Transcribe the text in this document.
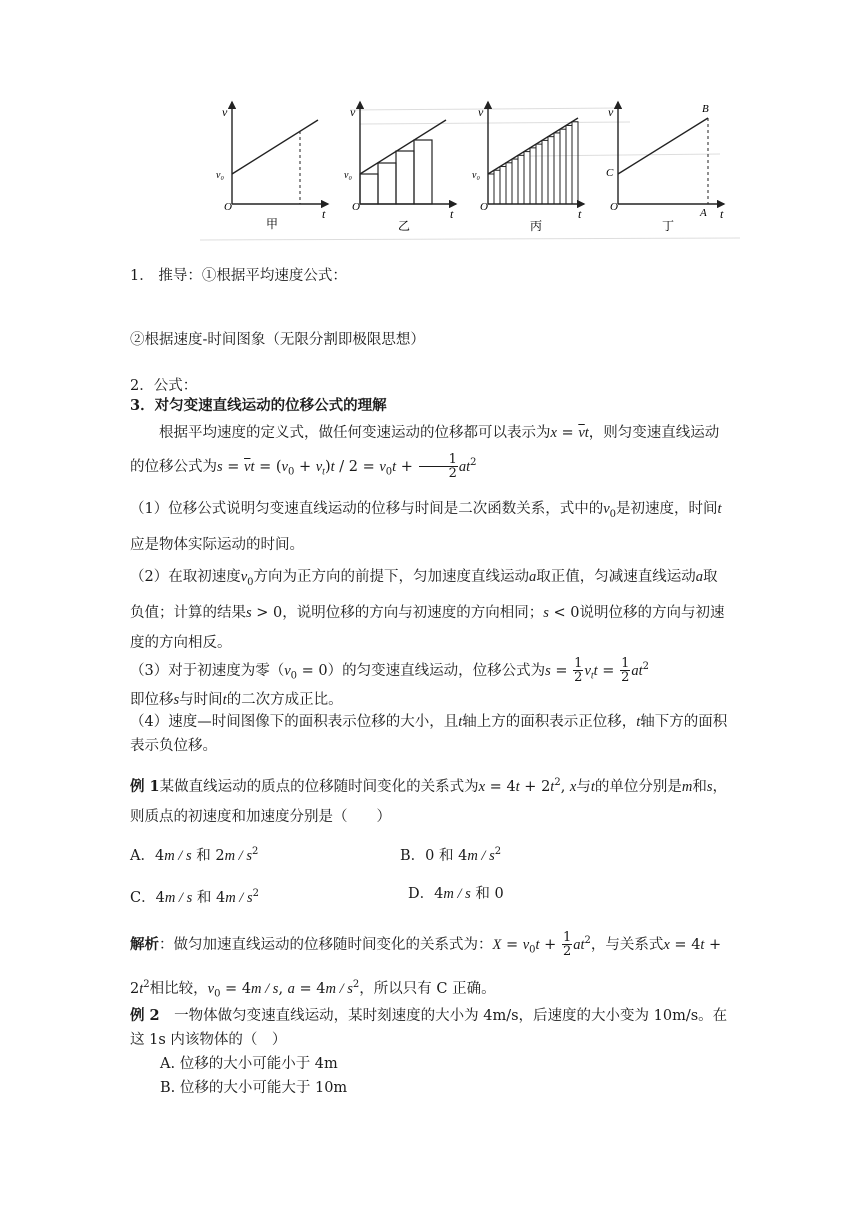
v
v₀
O	t
甲
v
v₀
O	t
乙
v
v₀
O	t
丙
v	B
C
O	A t
丁
1． 推导：①根据平均速度公式：
②根据速度-时间图象（无限分割即极限思想）
2．公式：
3．对匀变速直线运动的位移公式的理解
根据平均速度的定义式，做任何变速运动的位移都可以表示为$x = \overline{v}t$，则匀变速直线运动的位移公式为$s = \overline{v}t = (v_0 + v_t)t / 2 = v_0t + \frac{1}{2} at^2$
（1）位移公式说明匀变速直线运动的位移与时间是二次函数关系，式中的$v_0$是初速度，时间t应是物体实际运动的时间。
（2）在取初速度$v_0$方向为正方向的前提下，匀加速度直线运动a取正值，匀减速直线运动a取负值；计算的结果s > 0，说明位移的方向与初速度的方向相同；s < 0说明位移的方向与初速度的方向相反。
（3）对于初速度为零$(v_0 = 0)$的匀变速直线运动，位移公式为$s = \frac{1}{2} v_tt = \frac{1}{2} at^2$
即位移s与时间t的二次方成正比。
（4）速度—时间图像下的面积表示位移的大小，且t轴上方的面积表示正位移，t轴下方的面积表示负位移。
例 1某做直线运动的质点的位移随时间变化的关系式为$x = 4t + 2t^2$, x与t的单位分别是m和s，则质点的初速度和加速度分别是（　　）
A．4m / s 和 $2m / s^2$	B．0 和 $4m / s^2$
C．4m / s 和 $4m / s^2$	D．4m / s 和 0
解析：做匀加速直线运动的位移随时间变化的关系式为：$X = v_0t + \frac{1}{2} at^2$，与关系式$x = 4t + 2t^2$相比较，$v_0 = 4m / s$, $a = 4m / s^2$，所以只有 C 正确。
例 2　 一物体做匀变速直线运动，某时刻速度的大小为 4m/s，后速度的大小变为 10m/s。在这 1s 内该物体的（　）
A. 位移的大小可能小于 4m
B. 位移的大小可能大于 10m
